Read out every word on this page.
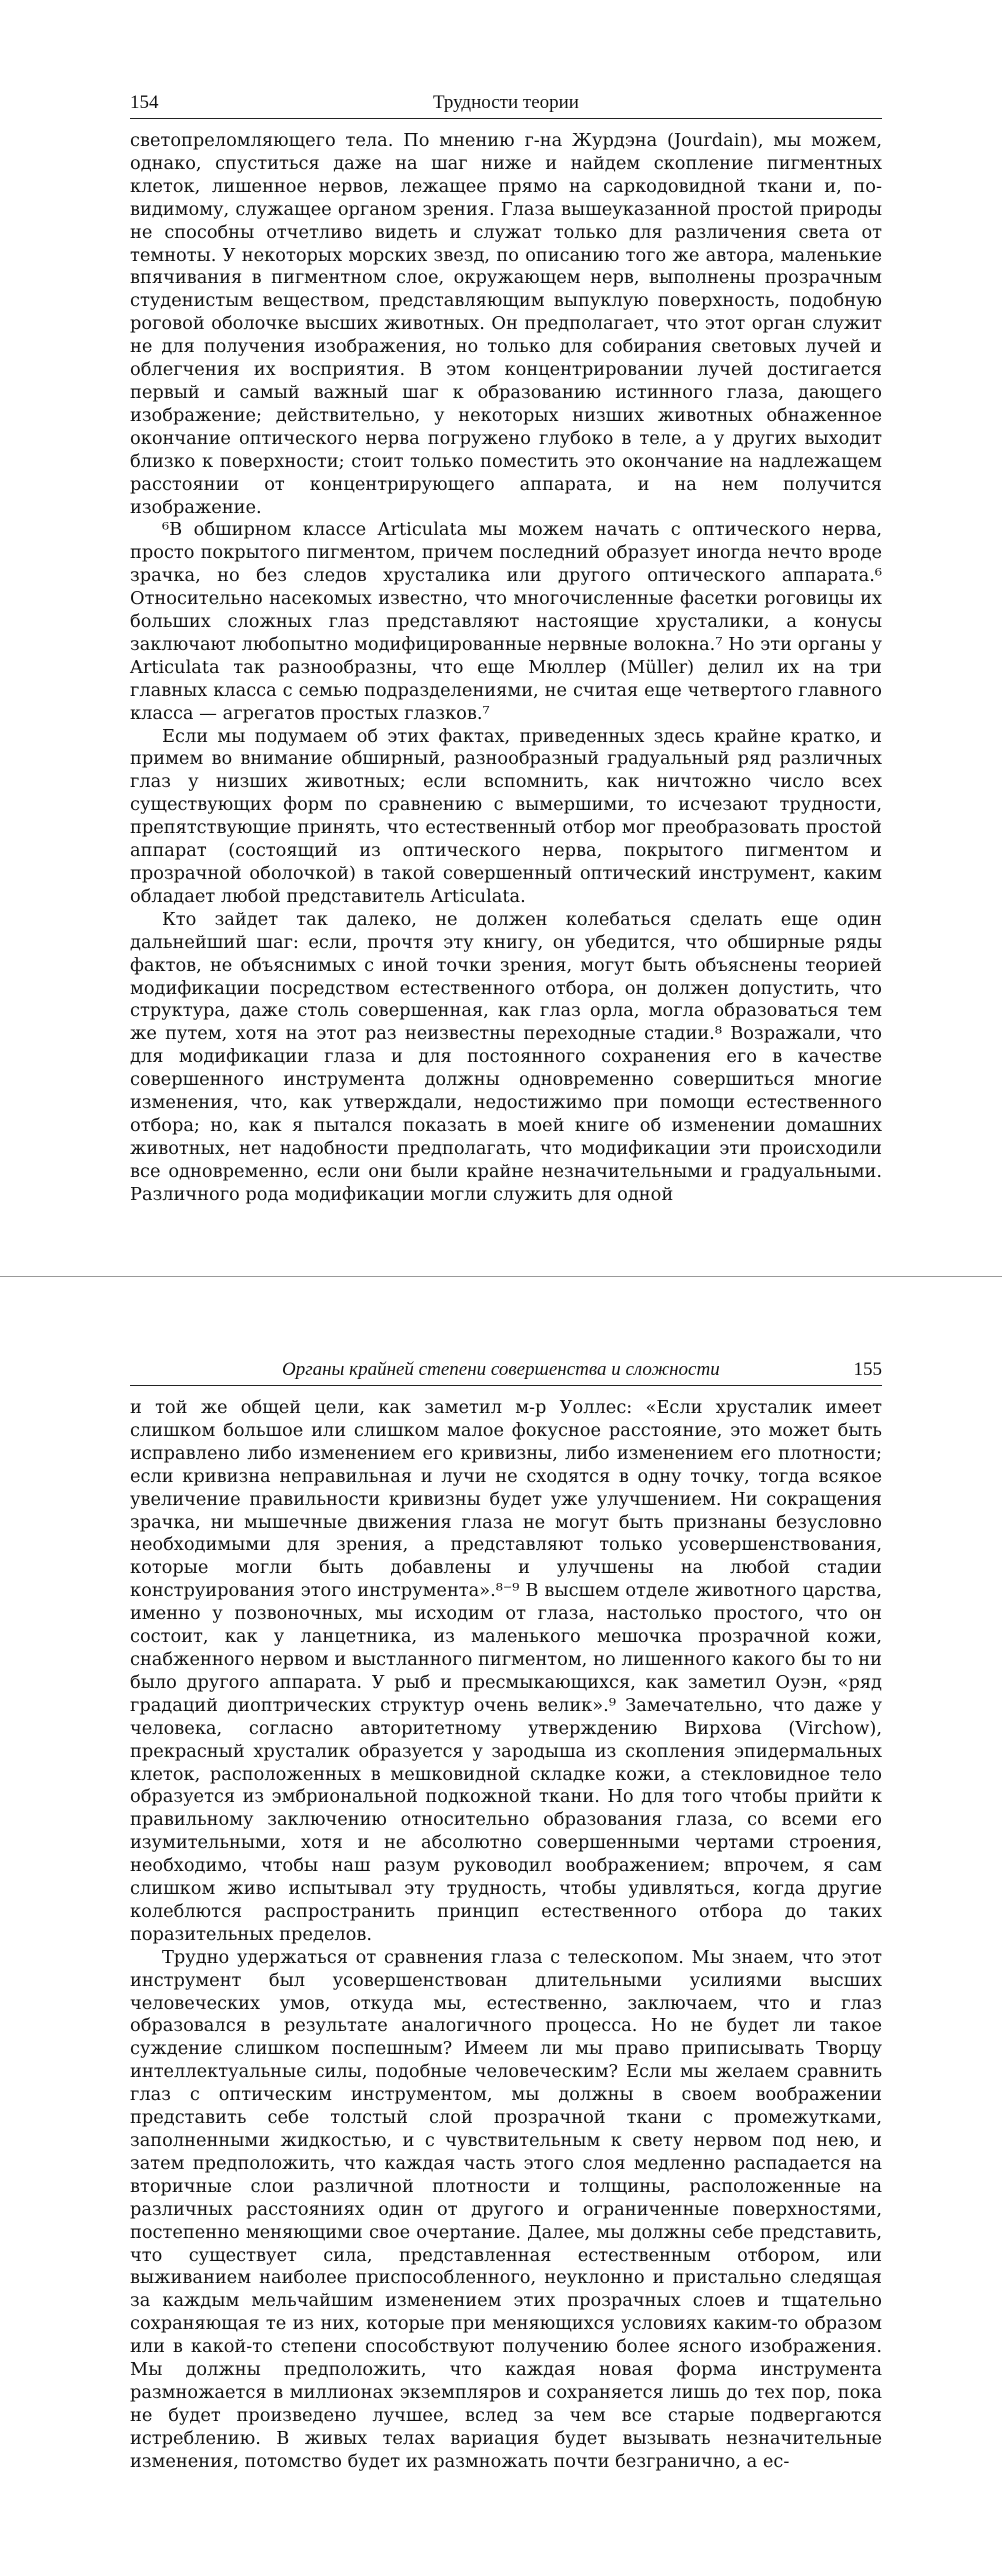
154	Трудности теории

светопреломляющего тела. По мнению г-на Журдэна (Jourdain), мы можем, однако, спуститься даже на шаг ниже и найдем скопление пигментных клеток, лишенное нервов, лежащее прямо на саркодовидной ткани и, по-видимому, служащее органом зрения. Глаза вышеуказанной простой природы не способны отчетливо видеть и служат только для различения света от темноты. У некоторых морских звезд, по описанию того же автора, маленькие впячивания в пигментном слое, окружающем нерв, выполнены прозрачным студенистым веществом, представляющим выпуклую поверхность, подобную роговой оболочке высших животных. Он предполагает, что этот орган служит не для получения изображения, но только для собирания световых лучей и облегчения их восприятия. В этом концентрировании лучей достигается первый и самый важный шаг к образованию истинного глаза, дающего изображение; действительно, у некоторых низших животных обнаженное окончание оптического нерва погружено глубоко в теле, а у других выходит близко к поверхности; стоит только поместить это окончание на надлежащем расстоянии от концентрирующего аппарата, и на нем получится изображение.

⁶В обширном классе Articulata мы можем начать с оптического нерва, просто покрытого пигментом, причем последний образует иногда нечто вроде зрачка, но без следов хрусталика или другого оптического аппарата.⁶ Относительно насекомых известно, что многочисленные фасетки роговицы их больших сложных глаз представляют настоящие хрусталики, а конусы заключают любопытно модифицированные нервные волокна.⁷ Но эти органы у Articulata так разнообразны, что еще Мюллер (Müller) делил их на три главных класса с семью подразделениями, не считая еще четвертого главного класса — агрегатов простых глазков.⁷

Если мы подумаем об этих фактах, приведенных здесь крайне кратко, и примем во внимание обширный, разнообразный градуальный ряд различных глаз у низших животных; если вспомнить, как ничтожно число всех существующих форм по сравнению с вымершими, то исчезают трудности, препятствующие принять, что естественный отбор мог преобразовать простой аппарат (состоящий из оптического нерва, покрытого пигментом и прозрачной оболочкой) в такой совершенный оптический инструмент, каким обладает любой представитель Articulata.

Кто зайдет так далеко, не должен колебаться сделать еще один дальнейший шаг: если, прочтя эту книгу, он убедится, что обширные ряды фактов, не объяснимых с иной точки зрения, могут быть объяснены теорией модификации посредством естественного отбора, он должен допустить, что структура, даже столь совершенная, как глаз орла, могла образоваться тем же путем, хотя на этот раз неизвестны переходные стадии.⁸ Возражали, что для модификации глаза и для постоянного сохранения его в качестве совершенного инструмента должны одновременно совершиться многие изменения, что, как утверждали, недостижимо при помощи естественного отбора; но, как я пытался показать в моей книге об изменении домашних животных, нет надобности предполагать, что модификации эти происходили все одновременно, если они были крайне незначительными и градуальными. Различного рода модификации могли служить для одной

Органы крайней степени совершенства и сложности	155

и той же общей цели, как заметил м-р Уоллес: «Если хрусталик имеет слишком большое или слишком малое фокусное расстояние, это может быть исправлено либо изменением его кривизны, либо изменением его плотности; если кривизна неправильная и лучи не сходятся в одну точку, тогда всякое увеличение правильности кривизны будет уже улучшением. Ни сокращения зрачка, ни мышечные движения глаза не могут быть признаны безусловно необходимыми для зрения, а представляют только усовершенствования, которые могли быть добавлены и улучшены на любой стадии конструирования этого инструмента».⁸⁻⁹ В высшем отделе животного царства, именно у позвоночных, мы исходим от глаза, настолько простого, что он состоит, как у ланцетника, из маленького мешочка прозрачной кожи, снабженного нервом и выстланного пигментом, но лишенного какого бы то ни было другого аппарата. У рыб и пресмыкающихся, как заметил Оуэн, «ряд градаций диоптрических структур очень велик».⁹ Замечательно, что даже у человека, согласно авторитетному утверждению Вирхова (Virchow), прекрасный хрусталик образуется у зародыша из скопления эпидермальных клеток, расположенных в мешковидной складке кожи, а стекловидное тело образуется из эмбриональной подкожной ткани. Но для того чтобы прийти к правильному заключению относительно образования глаза, со всеми его изумительными, хотя и не абсолютно совершенными чертами строения, необходимо, чтобы наш разум руководил воображением; впрочем, я сам слишком живо испытывал эту трудность, чтобы удивляться, когда другие колеблются распространить принцип естественного отбора до таких поразительных пределов.

Трудно удержаться от сравнения глаза с телескопом. Мы знаем, что этот инструмент был усовершенствован длительными усилиями высших человеческих умов, откуда мы, естественно, заключаем, что и глаз образовался в результате аналогичного процесса. Но не будет ли такое суждение слишком поспешным? Имеем ли мы право приписывать Творцу интеллектуальные силы, подобные человеческим? Если мы желаем сравнить глаз с оптическим инструментом, мы должны в своем воображении представить себе толстый слой прозрачной ткани с промежутками, заполненными жидкостью, и с чувствительным к свету нервом под нею, и затем предположить, что каждая часть этого слоя медленно распадается на вторичные слои различной плотности и толщины, расположенные на различных расстояниях один от другого и ограниченные поверхностями, постепенно меняющими свое очертание. Далее, мы должны себе представить, что существует сила, представленная естественным отбором, или выживанием наиболее приспособленного, неуклонно и пристально следящая за каждым мельчайшим изменением этих прозрачных слоев и тщательно сохраняющая те из них, которые при меняющихся условиях каким-то образом или в какой-то степени способствуют получению более ясного изображения. Мы должны предположить, что каждая новая форма инструмента размножается в миллионах экземпляров и сохраняется лишь до тех пор, пока не будет произведено лучшее, вслед за чем все старые подвергаются истреблению. В живых телах вариация будет вызывать незначительные изменения, потомство будет их размножать почти безгранично, а ес-
